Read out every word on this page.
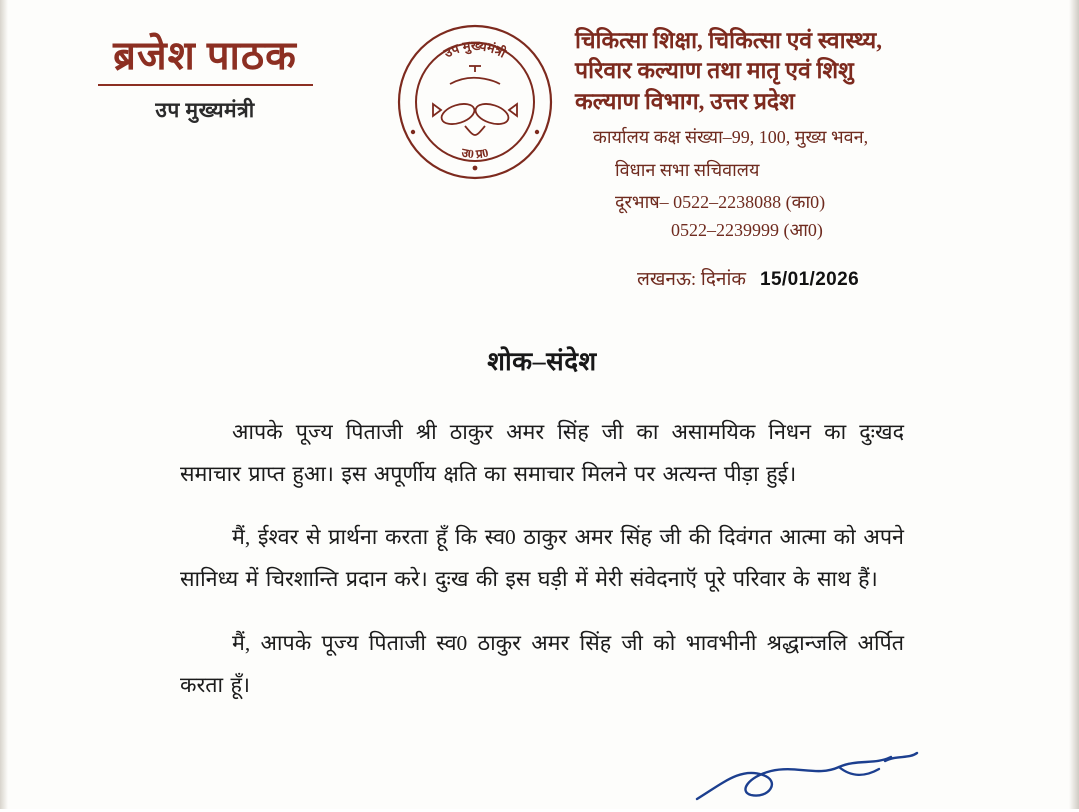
ब्रजेश पाठक
उप मुख्यमंत्री
उप मुख्यमंत्री
उ0 प्र0
चिकित्सा शिक्षा, चिकित्सा एवं स्वास्थ्य,
परिवार कल्याण तथा मातृ एवं शिशु
कल्याण विभाग, उत्तर प्रदेश
कार्यालय कक्ष संख्या–99, 100, मुख्य भवन,
विधान सभा सचिवालय
दूरभाष– 0522–2238088 (का0)
0522–2239999 (आ0)
लखनऊ: दिनांक 15/01/2026
शोक–संदेश

आपके पूज्य पिताजी श्री ठाकुर अमर सिंह जी का असामयिक निधन का दुःखद समाचार प्राप्त हुआ। इस अपूर्णीय क्षति का समाचार मिलने पर अत्यन्त पीड़ा हुई।

मैं, ईश्वर से प्रार्थना करता हूँ कि स्व0 ठाकुर अमर सिंह जी की दिवंगत आत्मा को अपने सानिध्य में चिरशान्ति प्रदान करे। दुःख की इस घड़ी में मेरी संवेदनाऍ पूरे परिवार के साथ हैं।

मैं, आपके पूज्य पिताजी स्व0 ठाकुर अमर सिंह जी को भावभीनी श्रद्धान्जलि अर्पित करता हूँ।
